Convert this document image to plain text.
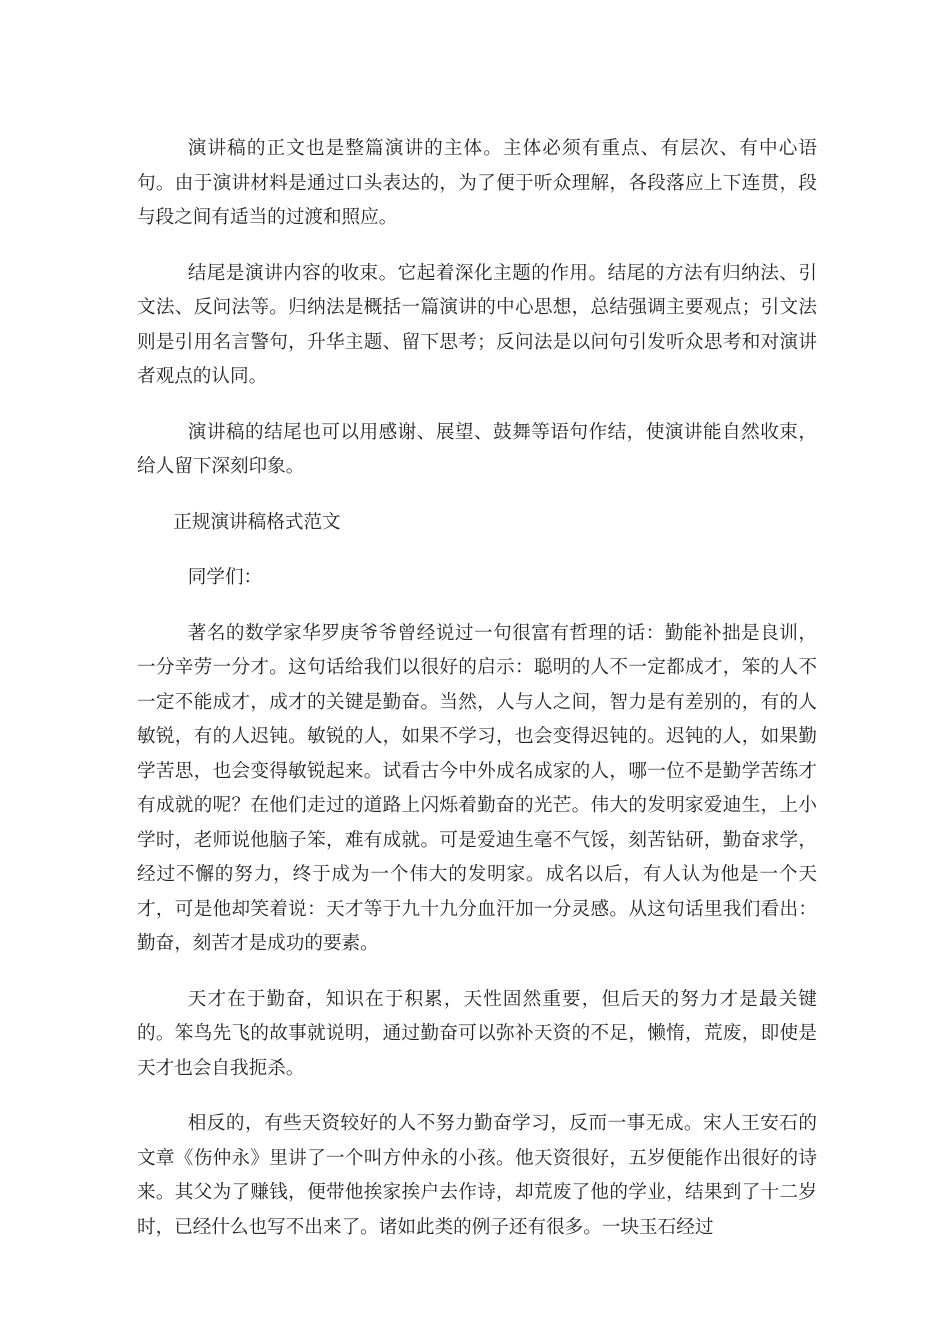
演讲稿的正文也是整篇演讲的主体。主体必须有重点、有层次、有中心语句。由于演讲材料是通过口头表达的，为了便于听众理解，各段落应上下连贯，段与段之间有适当的过渡和照应。

结尾是演讲内容的收束。它起着深化主题的作用。结尾的方法有归纳法、引文法、反问法等。归纳法是概括一篇演讲的中心思想，总结强调主要观点；引文法则是引用名言警句，升华主题、留下思考；反问法是以问句引发听众思考和对演讲者观点的认同。

演讲稿的结尾也可以用感谢、展望、鼓舞等语句作结，使演讲能自然收束，给人留下深刻印象。

正规演讲稿格式范文

同学们：

著名的数学家华罗庚爷爷曾经说过一句很富有哲理的话：勤能补拙是良训，一分辛劳一分才。这句话给我们以很好的启示：聪明的人不一定都成才，笨的人不一定不能成才，成才的关键是勤奋。当然，人与人之间，智力是有差别的，有的人敏锐，有的人迟钝。敏锐的人，如果不学习，也会变得迟钝的。迟钝的人，如果勤学苦思，也会变得敏锐起来。试看古今中外成名成家的人，哪一位不是勤学苦练才有成就的呢？在他们走过的道路上闪烁着勤奋的光芒。伟大的发明家爱迪生，上小学时，老师说他脑子笨，难有成就。可是爱迪生毫不气馁，刻苦钻研，勤奋求学，经过不懈的努力，终于成为一个伟大的发明家。成名以后，有人认为他是一个天才，可是他却笑着说：天才等于九十九分血汗加一分灵感。从这句话里我们看出：勤奋，刻苦才是成功的要素。

天才在于勤奋，知识在于积累，天性固然重要，但后天的努力才是最关键的。笨鸟先飞的故事就说明，通过勤奋可以弥补天资的不足，懒惰，荒废，即使是天才也会自我扼杀。

相反的，有些天资较好的人不努力勤奋学习，反而一事无成。宋人王安石的文章《伤仲永》里讲了一个叫方仲永的小孩。他天资很好，五岁便能作出很好的诗来。其父为了赚钱，便带他挨家挨户去作诗，却荒废了他的学业，结果到了十二岁时，已经什么也写不出来了。诸如此类的例子还有很多。一块玉石经过
